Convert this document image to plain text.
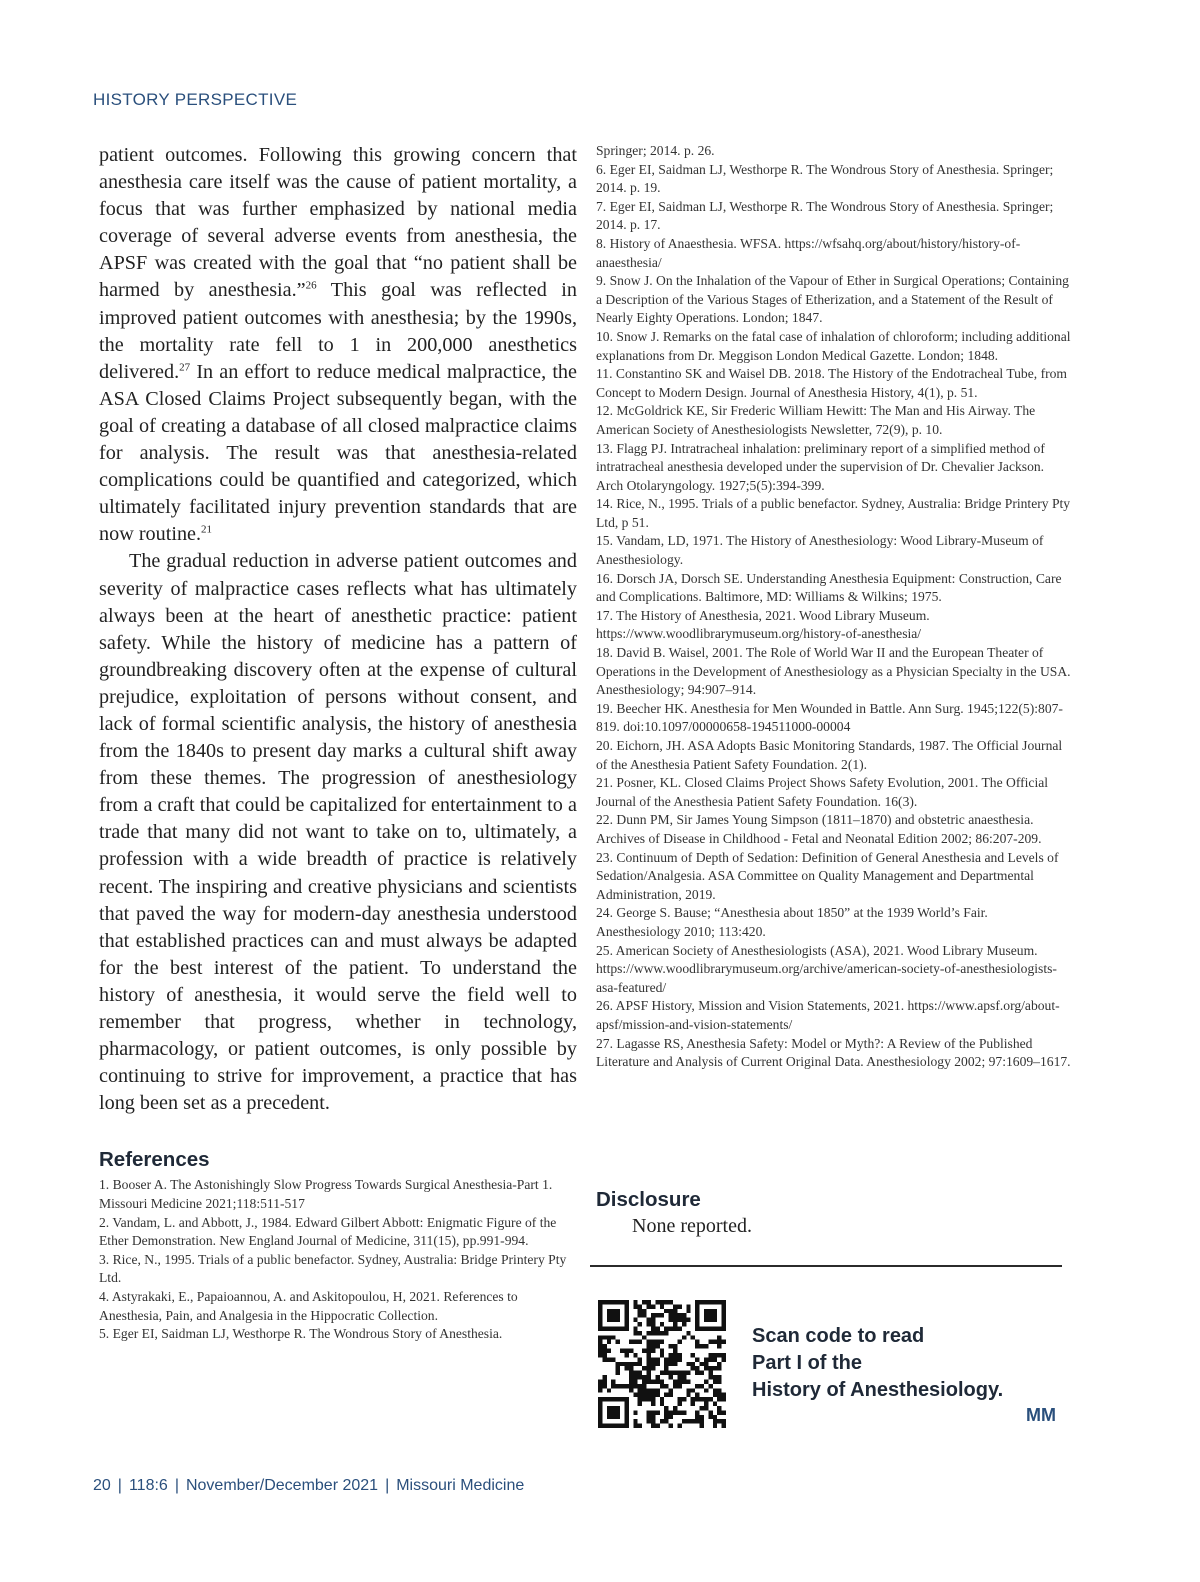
HISTORY PERSPECTIVE

patient outcomes. Following this growing concern that anesthesia care itself was the cause of patient mortality, a focus that was further emphasized by national media coverage of several adverse events from anesthesia, the APSF was created with the goal that “no patient shall be harmed by anesthesia.”$^{26}$ This goal was reflected in improved patient outcomes with anesthesia; by the 1990s, the mortality rate fell to 1 in 200,000 anesthetics delivered.$^{27}$ In an effort to reduce medical malpractice, the ASA Closed Claims Project subsequently began, with the goal of creating a database of all closed malpractice claims for analysis. The result was that anesthesia-related complications could be quantified and categorized, which ultimately facilitated injury prevention standards that are now routine.$^{21}$

The gradual reduction in adverse patient outcomes and severity of malpractice cases reflects what has ultimately always been at the heart of anesthetic practice: patient safety. While the history of medicine has a pattern of groundbreaking discovery often at the expense of cultural prejudice, exploitation of persons without consent, and lack of formal scientific analysis, the history of anesthesia from the 1840s to present day marks a cultural shift away from these themes. The progression of anesthesiology from a craft that could be capitalized for entertainment to a trade that many did not want to take on to, ultimately, a profession with a wide breadth of practice is relatively recent. The inspiring and creative physicians and scientists that paved the way for modern-day anesthesia understood that established practices can and must always be adapted for the best interest of the patient. To understand the history of anesthesia, it would serve the field well to remember that progress, whether in technology, pharmacology, or patient outcomes, is only possible by continuing to strive for improvement, a practice that has long been set as a precedent.

References
1. Booser A. The Astonishingly Slow Progress Towards Surgical Anesthesia-Part 1. Missouri Medicine 2021;118:511-517
2. Vandam, L. and Abbott, J., 1984. Edward Gilbert Abbott: Enigmatic Figure of the Ether Demonstration. New England Journal of Medicine, 311(15), pp.991-994.
3. Rice, N., 1995. Trials of a public benefactor. Sydney, Australia: Bridge Printery Pty Ltd.
4. Astyrakaki, E., Papaioannou, A. and Askitopoulou, H, 2021. References to Anesthesia, Pain, and Analgesia in the Hippocratic Collection.
5. Eger EI, Saidman LJ, Westhorpe R. The Wondrous Story of Anesthesia.
Springer; 2014. p. 26.
6. Eger EI, Saidman LJ, Westhorpe R. The Wondrous Story of Anesthesia. Springer; 2014. p. 19.
7. Eger EI, Saidman LJ, Westhorpe R. The Wondrous Story of Anesthesia. Springer; 2014. p. 17.
8. History of Anaesthesia. WFSA. https://wfsahq.org/about/history/history-of-anaesthesia/
9. Snow J. On the Inhalation of the Vapour of Ether in Surgical Operations; Containing a Description of the Various Stages of Etherization, and a Statement of the Result of Nearly Eighty Operations. London; 1847.
10. Snow J. Remarks on the fatal case of inhalation of chloroform; including additional explanations from Dr. Meggison London Medical Gazette. London; 1848.
11. Constantino SK and Waisel DB. 2018. The History of the Endotracheal Tube, from Concept to Modern Design. Journal of Anesthesia History, 4(1), p. 51.
12. McGoldrick KE, Sir Frederic William Hewitt: The Man and His Airway. The American Society of Anesthesiologists Newsletter, 72(9), p. 10.
13. Flagg PJ. Intratracheal inhalation: preliminary report of a simplified method of intratracheal anesthesia developed under the supervision of Dr. Chevalier Jackson. Arch Otolaryngology. 1927;5(5):394-399.
14. Rice, N., 1995. Trials of a public benefactor. Sydney, Australia: Bridge Printery Pty Ltd, p 51.
15. Vandam, LD, 1971. The History of Anesthesiology: Wood Library-Museum of Anesthesiology.
16. Dorsch JA, Dorsch SE. Understanding Anesthesia Equipment: Construction, Care and Complications. Baltimore, MD: Williams & Wilkins; 1975.
17. The History of Anesthesia, 2021. Wood Library Museum. https://www.woodlibrarymuseum.org/history-of-anesthesia/
18. David B. Waisel, 2001. The Role of World War II and the European Theater of Operations in the Development of Anesthesiology as a Physician Specialty in the USA. Anesthesiology; 94:907–914.
19. Beecher HK. Anesthesia for Men Wounded in Battle. Ann Surg. 1945;122(5):807-819. doi:10.1097/00000658-194511000-00004
20. Eichorn, JH. ASA Adopts Basic Monitoring Standards, 1987. The Official Journal of the Anesthesia Patient Safety Foundation. 2(1).
21. Posner, KL. Closed Claims Project Shows Safety Evolution, 2001. The Official Journal of the Anesthesia Patient Safety Foundation. 16(3).
22. Dunn PM, Sir James Young Simpson (1811–1870) and obstetric anaesthesia. Archives of Disease in Childhood - Fetal and Neonatal Edition 2002; 86:207-209.
23. Continuum of Depth of Sedation: Definition of General Anesthesia and Levels of Sedation/Analgesia. ASA Committee on Quality Management and Departmental Administration, 2019.
24. George S. Bause; “Anesthesia about 1850” at the 1939 World’s Fair. Anesthesiology 2010; 113:420.
25. American Society of Anesthesiologists (ASA), 2021. Wood Library Museum. https://www.woodlibrarymuseum.org/archive/american-society-of-anesthesiologists-asa-featured/
26. APSF History, Mission and Vision Statements, 2021. https://www.apsf.org/about-apsf/mission-and-vision-statements/
27. Lagasse RS, Anesthesia Safety: Model or Myth?: A Review of the Published Literature and Analysis of Current Original Data. Anesthesiology 2002; 97:1609–1617.
Disclosure
None reported.
Scan code to read
Part I of the
History of Anesthesiology.
MM
20 | 118:6 | November/December 2021 | Missouri Medicine
